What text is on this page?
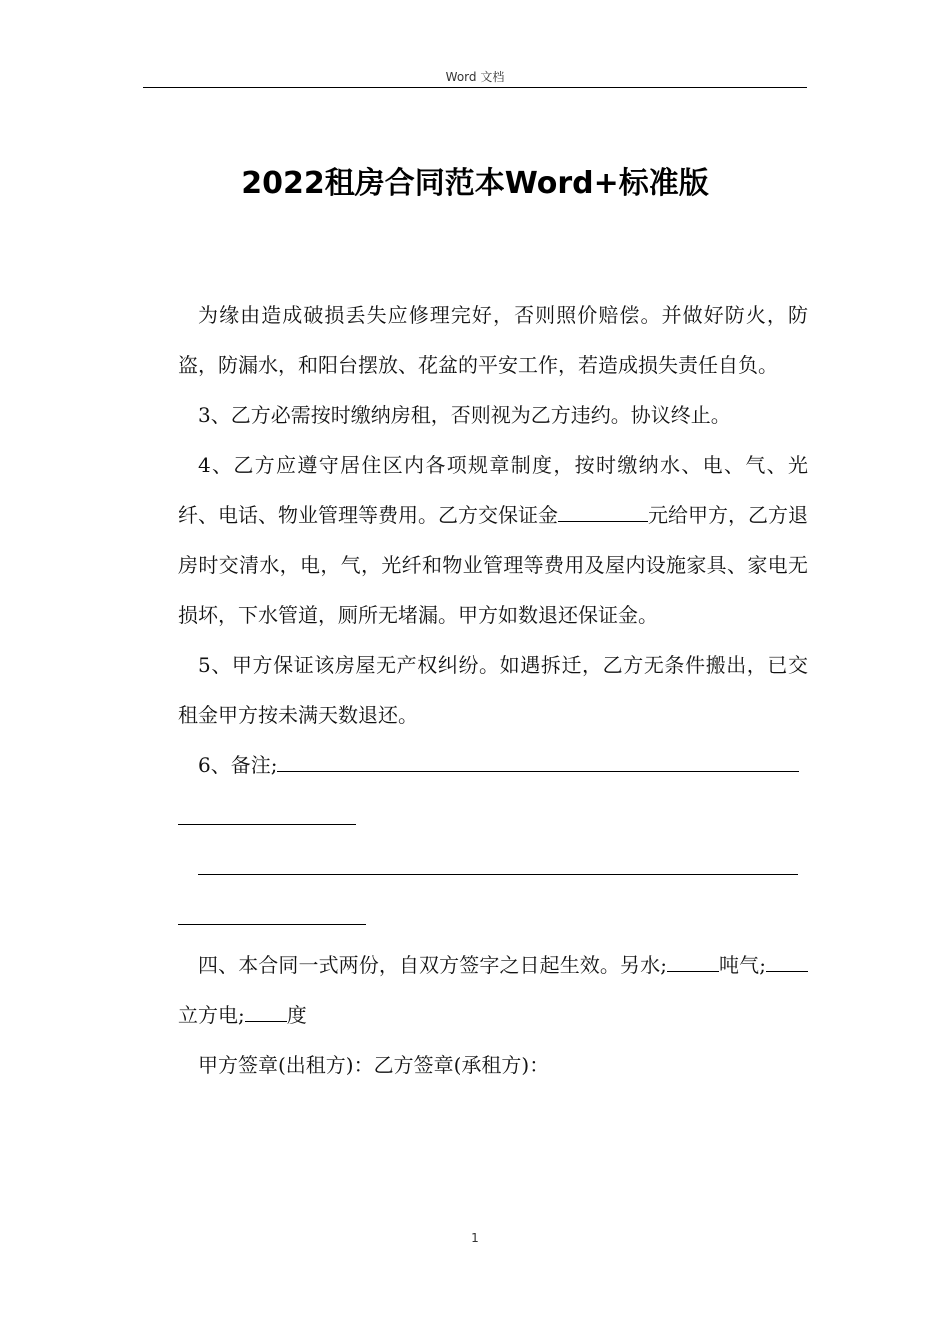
Word 文档
2022租房合同范本Word+标准版

为缘由造成破损丢失应修理完好，否则照价赔偿。并做好防火，防盗，防漏水，和阳台摆放、花盆的平安工作，若造成损失责任自负。

3、乙方必需按时缴纳房租，否则视为乙方违约。协议终止。

4、乙方应遵守居住区内各项规章制度，按时缴纳水、电、气、光纤、电话、物业管理等费用。乙方交保证金	元给甲方，乙方退房时交清水，电，气，光纤和物业管理等费用及屋内设施家具、家电无损坏，下水管道，厕所无堵漏。甲方如数退还保证金。

5、甲方保证该房屋无产权纠纷。如遇拆迁，乙方无条件搬出，已交租金甲方按未满天数退还。

6、备注;

四、本合同一式两份，自双方签字之日起生效。另水;	吨气;立方电; 度

甲方签章(出租方)：乙方签章(承租方)：

1
